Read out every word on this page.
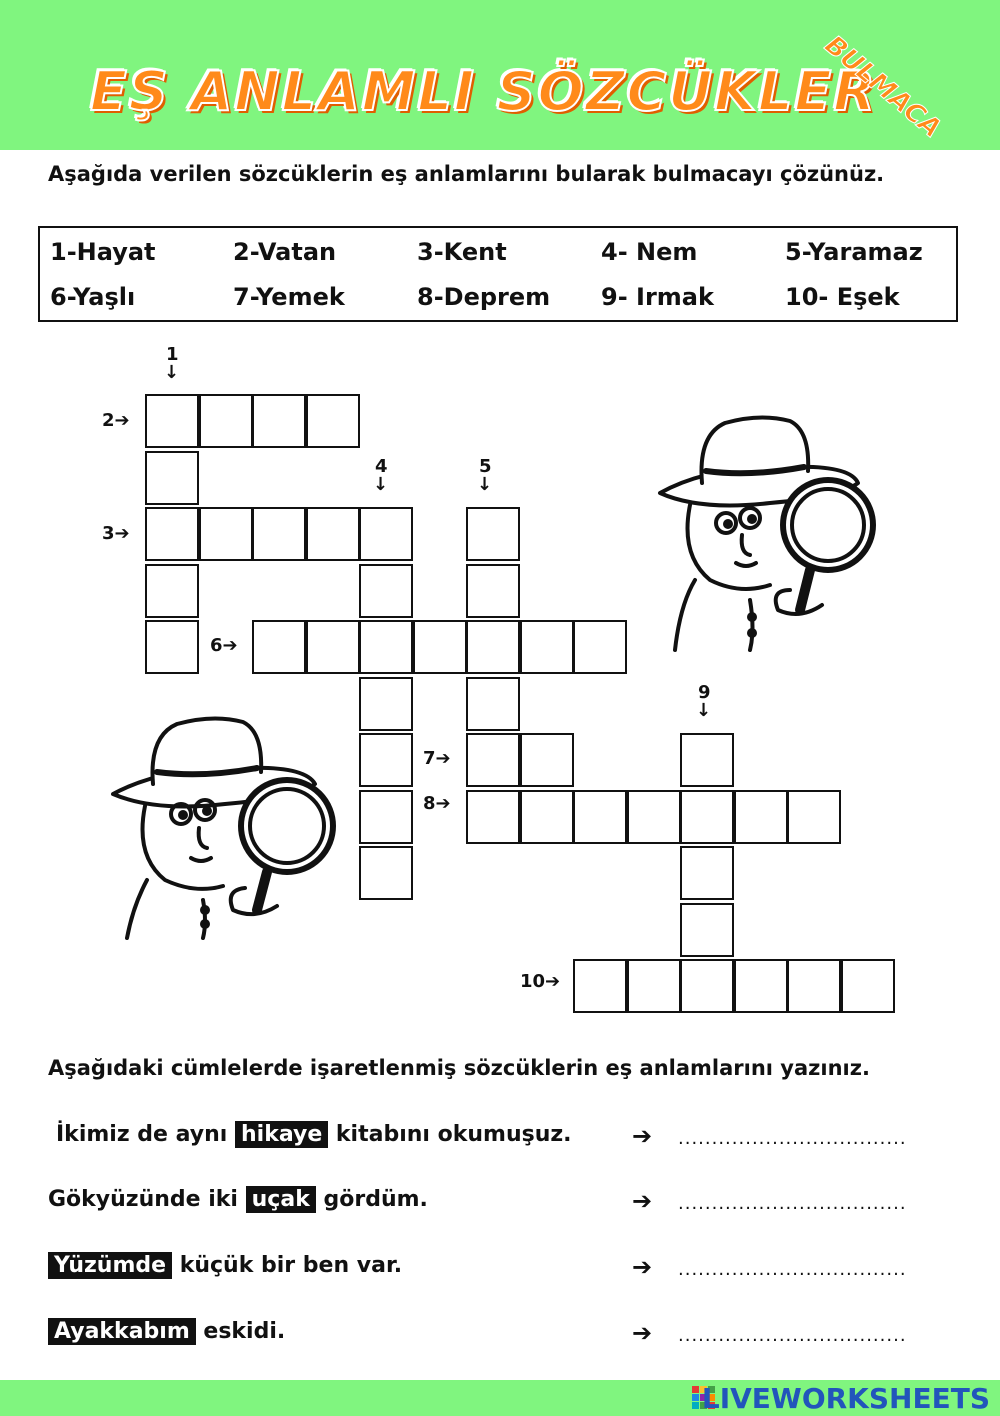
EŞ ANLAMLI SÖZCÜKLER
BULMACA
Aşağıda verilen sözcüklerin eş anlamlarını bularak bulmacayı çözünüz.
1-Hayat	2-Vatan	3-Kent	4- Nem	5-Yaramaz
6-Yaşlı	7-Yemek	8-Deprem 9- Irmak	10- Eşek
1
↓
2➔
3➔
4
↓
5
↓
6➔
7➔
8➔
9
↓
10➔
Aşağıdaki cümlelerde işaretlenmiş sözcüklerin eş anlamlarını yazınız.
İkimiz de aynı hikaye kitabını okumuşuz.	➔ ..................................
Gökyüzünde iki uçak gördüm.	➔ ..................................
Yüzümde küçük bir ben var.	➔ ..................................
Ayakkabım eskidi.	➔ ..................................
LIVEWORKSHEETS
